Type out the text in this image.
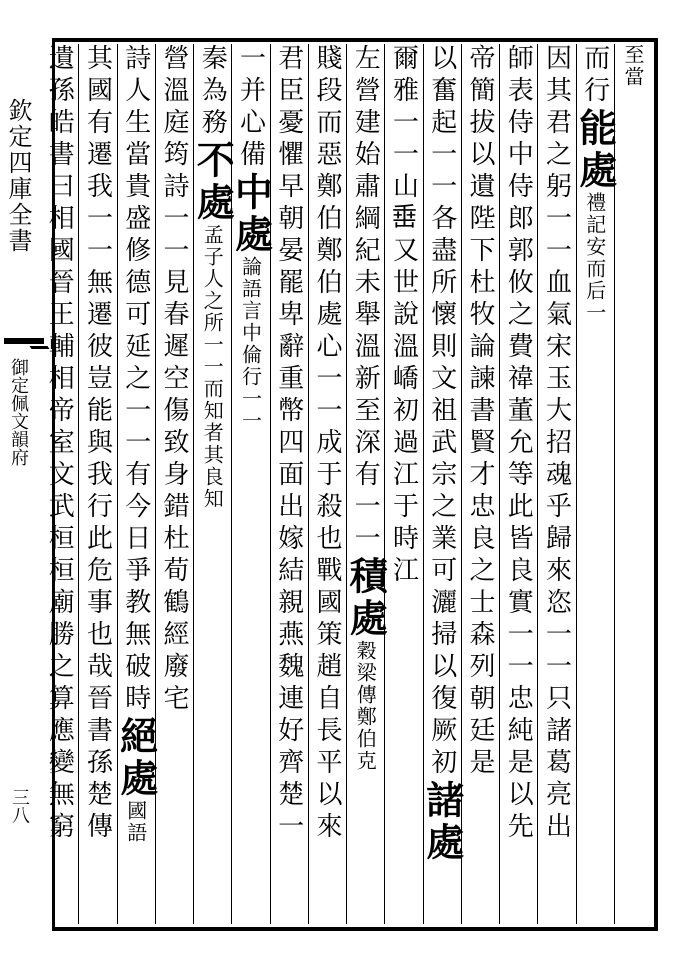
欽定四庫全書
御定佩文韻府
三八
至當
而行能處禮記安而后一
因其君之躬一一血氣宋玉大招魂乎歸來恣一一只諸葛亮出
師表侍中侍郎郭攸之費禕董允等此皆良實一一忠純是以先
帝簡拔以遺陛下杜牧論諫書賢才忠良之士森列朝廷是
以奮起一一各盡所懷則文祖武宗之業可灑掃以復厥初諸處
爾雅一一山𡸁又世說溫嶠初過江于時江
左營建始肅綱紀未舉溫新至深有一一積處穀梁傳鄭伯克
賤段而惡鄭伯鄭伯處心一一成于殺也戰國策趙自長平以來
君臣憂懼早朝晏罷卑辭重幣四面出嫁結親燕魏連好齊楚一
一并心備中處論語言中倫行一一
秦為務不處孟子人之所一一而知者其良知
營溫庭筠詩一一見春遲空傷致身錯杜荀鶴經廢宅
詩人生當貴盛修德可延之一一有今日爭教無破時絕處國語
其國有遷我一一無遷彼豈能與我行此危事也哉晉書孫楚傳
遺孫皓書曰相國晉王輔相帝室文武桓桓廟勝之算應變無窮
